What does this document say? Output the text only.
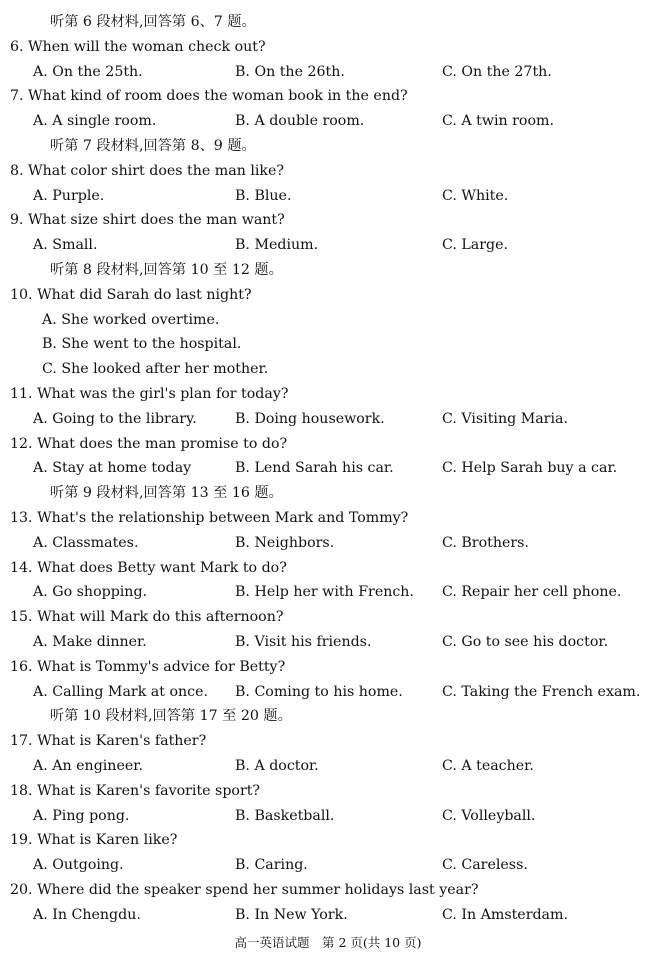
听第 6 段材料,回答第 6、7 题。
6. When will the woman check out?
A. On the 25th.	B. On the 26th.	C. On the 27th.
7. What kind of room does the woman book in the end?
A. A single room.	B. A double room.	C. A twin room.
听第 7 段材料,回答第 8、9 题。
8. What color shirt does the man like?
A. Purple.	B. Blue.	C. White.
9. What size shirt does the man want?
A. Small.	B. Medium.	C. Large.
听第 8 段材料,回答第 10 至 12 题。
10. What did Sarah do last night?
A. She worked overtime.
B. She went to the hospital.
C. She looked after her mother.
11. What was the girl's plan for today?
A. Going to the library.	B. Doing housework.	C. Visiting Maria.
12. What does the man promise to do?
A. Stay at home today	B. Lend Sarah his car.	C. Help Sarah buy a car.
听第 9 段材料,回答第 13 至 16 题。
13. What's the relationship between Mark and Tommy?
A. Classmates.	B. Neighbors.	C. Brothers.
14. What does Betty want Mark to do?
A. Go shopping.	B. Help her with French. C. Repair her cell phone.
15. What will Mark do this afternoon?
A. Make dinner.	B. Visit his friends.	C. Go to see his doctor.
16. What is Tommy's advice for Betty?
A. Calling Mark at once. B. Coming to his home.	C. Taking the French exam.
听第 10 段材料,回答第 17 至 20 题。
17. What is Karen's father?
A. An engineer.	B. A doctor.	C. A teacher.
18. What is Karen's favorite sport?
A. Ping pong.	B. Basketball.	C. Volleyball.
19. What is Karen like?
A. Outgoing.	B. Caring.	C. Careless.
20. Where did the speaker spend her summer holidays last year?
A. In Chengdu.	B. In New York.	C. In Amsterdam.
高一英语试题　第 2 页(共 10 页)
